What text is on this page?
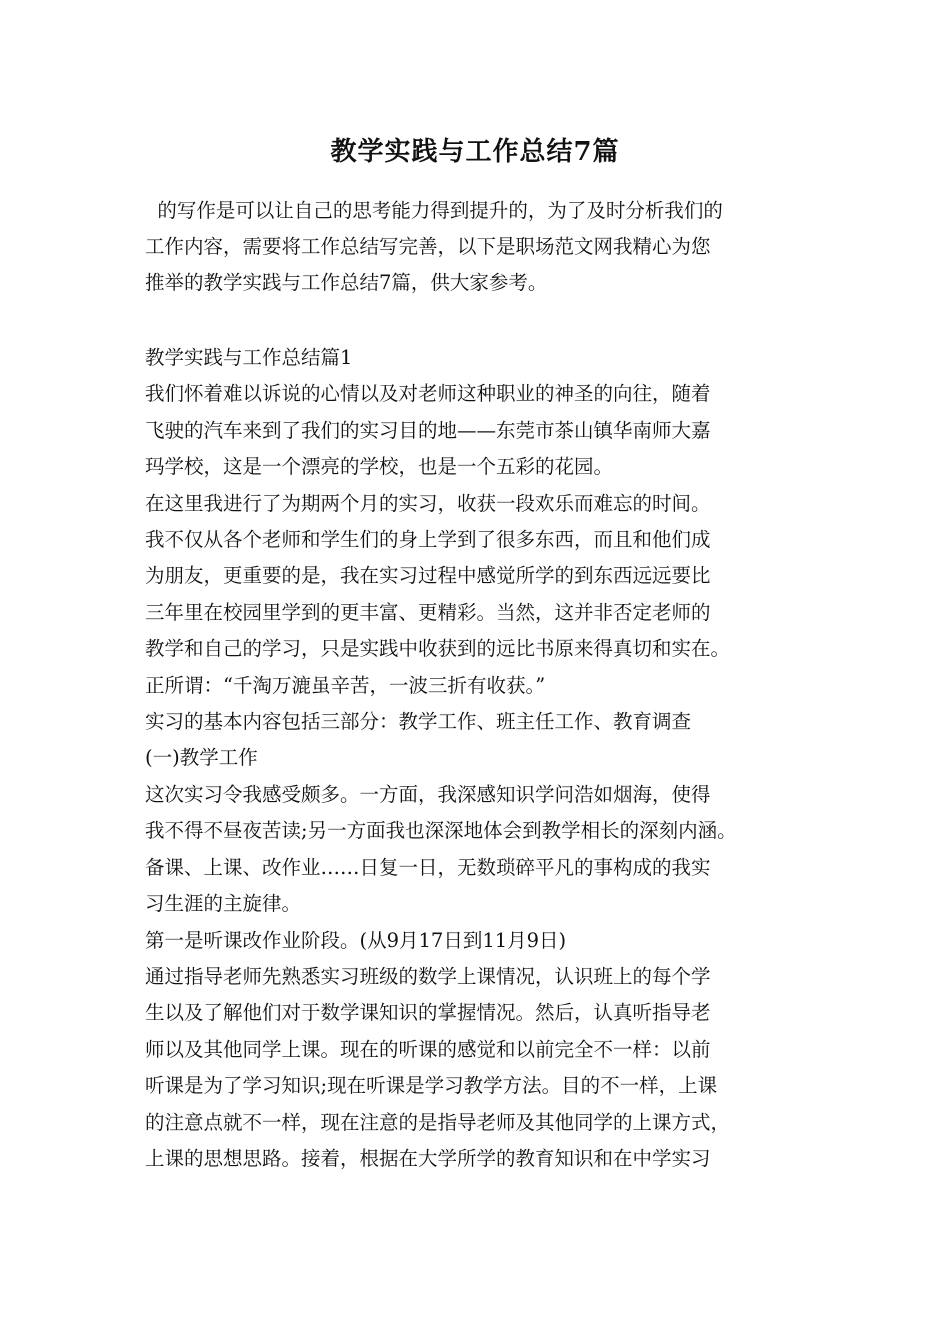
教学实践与工作总结7篇
的写作是可以让自己的思考能力得到提升的，为了及时分析我们的
工作内容，需要将工作总结写完善，以下是职场范文网我精心为您
推举的教学实践与工作总结7篇，供大家参考。
教学实践与工作总结篇1
我们怀着难以诉说的心情以及对老师这种职业的神圣的向往，随着
飞驶的汽车来到了我们的实习目的地——东莞市茶山镇华南师大嘉
玛学校，这是一个漂亮的学校，也是一个五彩的花园。
在这里我进行了为期两个月的实习，收获一段欢乐而难忘的时间。
我不仅从各个老师和学生们的身上学到了很多东西，而且和他们成
为朋友，更重要的是，我在实习过程中感觉所学的到东西远远要比
三年里在校园里学到的更丰富、更精彩。当然，这并非否定老师的
教学和自己的学习，只是实践中收获到的远比书原来得真切和实在。
正所谓：“千淘万漉虽辛苦，一波三折有收获。”
实习的基本内容包括三部分：教学工作、班主任工作、教育调查
(一)教学工作
这次实习令我感受颇多。一方面，我深感知识学问浩如烟海，使得
我不得不昼夜苦读;另一方面我也深深地体会到教学相长的深刻内涵。
备课、上课、改作业……日复一日，无数琐碎平凡的事构成的我实
习生涯的主旋律。
第一是听课改作业阶段。(从9月17日到11月9日)
通过指导老师先熟悉实习班级的数学上课情况，认识班上的每个学
生以及了解他们对于数学课知识的掌握情况。然后，认真听指导老
师以及其他同学上课。现在的听课的感觉和以前完全不一样：以前
听课是为了学习知识;现在听课是学习教学方法。目的不一样，上课
的注意点就不一样，现在注意的是指导老师及其他同学的上课方式，
上课的思想思路。接着，根据在大学所学的教育知识和在中学实习
